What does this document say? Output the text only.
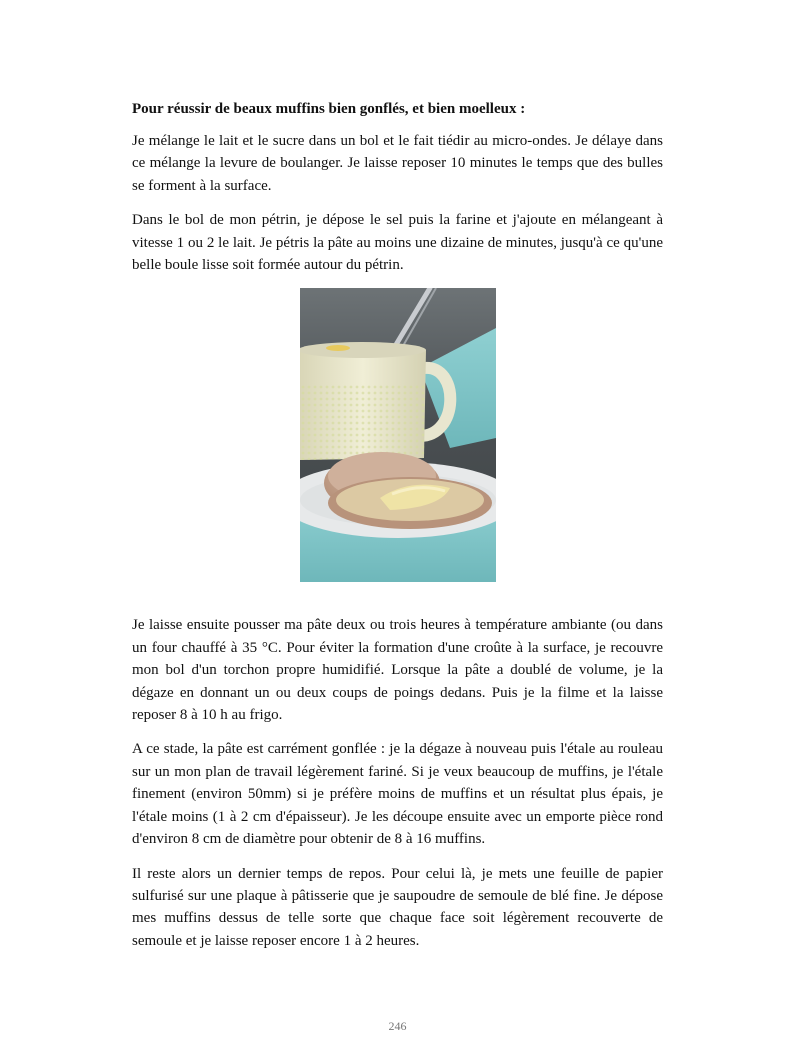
Pour réussir de beaux muffins bien gonflés, et bien moelleux :

Je mélange le lait et le sucre dans un bol et le fait tiédir au micro-ondes. Je délaye dans ce mélange la levure de boulanger. Je laisse reposer 10 minutes le temps que des bulles se forment à la surface.

Dans le bol de mon pétrin, je dépose le sel puis la farine et j'ajoute en mélangeant à vitesse 1 ou 2 le lait. Je pétris la pâte au moins une dizaine de minutes, jusqu'à ce qu'une belle boule lisse soit formée autour du pétrin.

Je laisse ensuite pousser ma pâte deux ou trois heures à température ambiante (ou dans un four chauffé à 35 °C. Pour éviter la formation d'une croûte à la surface, je recouvre mon bol d'un torchon propre humidifié. Lorsque la pâte a doublé de volume, je la dégaze en donnant un ou deux coups de poings dedans. Puis je la filme et la laisse reposer 8 à 10 h au frigo.

A ce stade, la pâte est carrément gonflée : je la dégaze à nouveau puis l'étale au rouleau sur un mon plan de travail légèrement fariné. Si je veux beaucoup de muffins, je l'étale finement (environ 50mm) si je préfère moins de muffins et un résultat plus épais, je l'étale moins (1 à 2 cm d'épaisseur). Je les découpe ensuite avec un emporte pièce rond d'environ 8 cm de diamètre pour obtenir de 8 à 16 muffins.

Il reste alors un dernier temps de repos. Pour celui là, je mets une feuille de papier sulfurisé sur une plaque à pâtisserie que je saupoudre de semoule de blé fine. Je dépose mes muffins dessus de telle sorte que chaque face soit légèrement recouverte de semoule et je laisse reposer encore 1 à 2 heures.

246
